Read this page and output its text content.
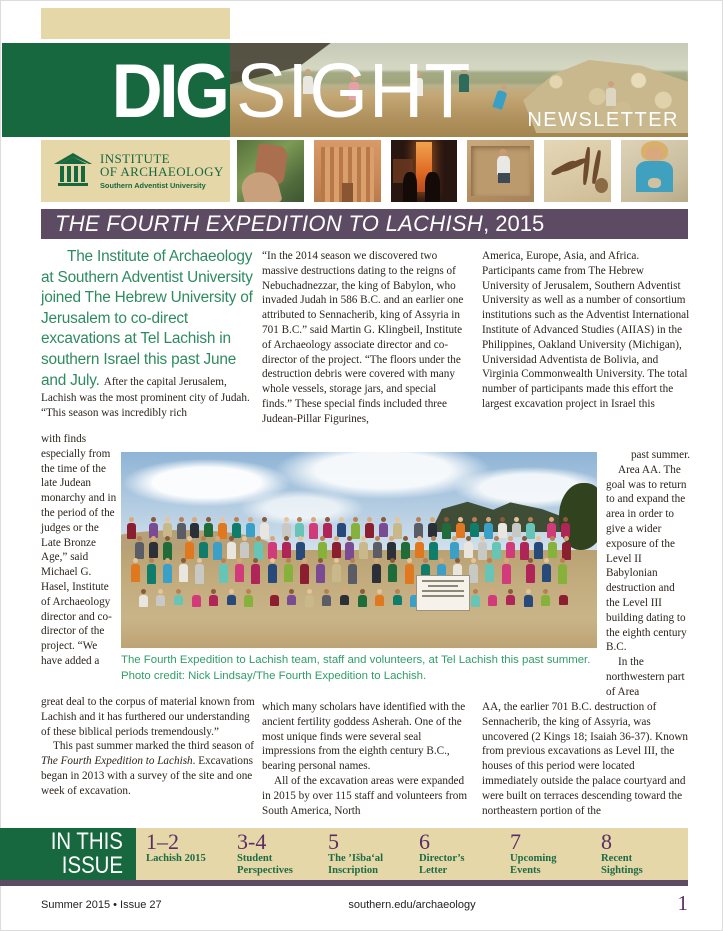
DIG SIGHT	NEWSLETTER
INSTITUTE
OF ARCHAEOLOGY
Southern Adventist University
THE FOURTH EXPEDITION TO LACHISH , 2015

The Institute of Archaeology at Southern Adventist University joined The Hebrew University of Jerusalem to co-direct excavations at Tel Lachish in southern Israel this past June and July. After the capital Jerusalem, Lachish was the most prominent city of Judah. “This season was incredibly rich

with finds especially from the time of the late Judean monarchy and in the period of the judges or the Late Bronze Age,” said Michael G. Hasel, Institute of Archaeology director and co-director of the project. “We have added a

great deal to the corpus of material known from Lachish and it has furthered our understanding of these biblical periods tremendously.”

This past summer marked the third season of The Fourth Expedition to Lachish. Excavations began in 2013 with a survey of the site and one week of excavation.

“In the 2014 season we discovered two massive destructions dating to the reigns of Nebuchadnezzar, the king of Babylon, who invaded Judah in 586 B.C. and an earlier one attributed to Sennacherib, king of Assyria in 701 B.C.” said Martin G. Klingbeil, Institute of Archaeology associate director and co-director of the project. “The floors under the destruction debris were covered with many whole vessels, storage jars, and special finds.” These special finds included three Judean-Pillar Figurines,

which many scholars have identified with the ancient fertility goddess Asherah. One of the most unique finds were several seal impressions from the eighth century B.C., bearing personal names.

All of the excavation areas were expanded in 2015 by over 115 staff and volunteers from South America, North

America, Europe, Asia, and Africa. Participants came from The Hebrew University of Jerusalem, Southern Adventist University as well as a number of consortium institutions such as the Adventist International Institute of Advanced Studies (AIIAS) in the Philippines, Oakland University (Michigan), Universidad Adventista de Bolivia, and Virginia Commonwealth University. The total number of participants made this effort the largest excavation project in Israel this

past summer.

Area AA. The goal was to return to and expand the area in order to give a wider exposure of the Level II Babylonian destruction and the Level III building dating to the eighth century B.C.

In the northwestern part of Area

AA, the earlier 701 B.C. destruction of Sennacherib, the king of Assyria, was uncovered (2 Kings 18; Isaiah 36-37). Known from previous excavations as Level III, the houses of this period were located immediately outside the palace courtyard and were built on terraces descending toward the northeastern portion of the

The Fourth Expedition to Lachish team, staff and volunteers, at Tel Lachish this past summer.
Photo credit: Nick Lindsay/The Fourth Expedition to Lachish.
IN THIS
ISSUE
1–2
Lachish 2015
3-4
Student Perspectives
5
The ’Išba‘al Inscription
6
Director’s Letter
7
Upcoming Events
8
Recent Sightings
Summer 2015 • Issue 27	southern.edu/archaeology	1
